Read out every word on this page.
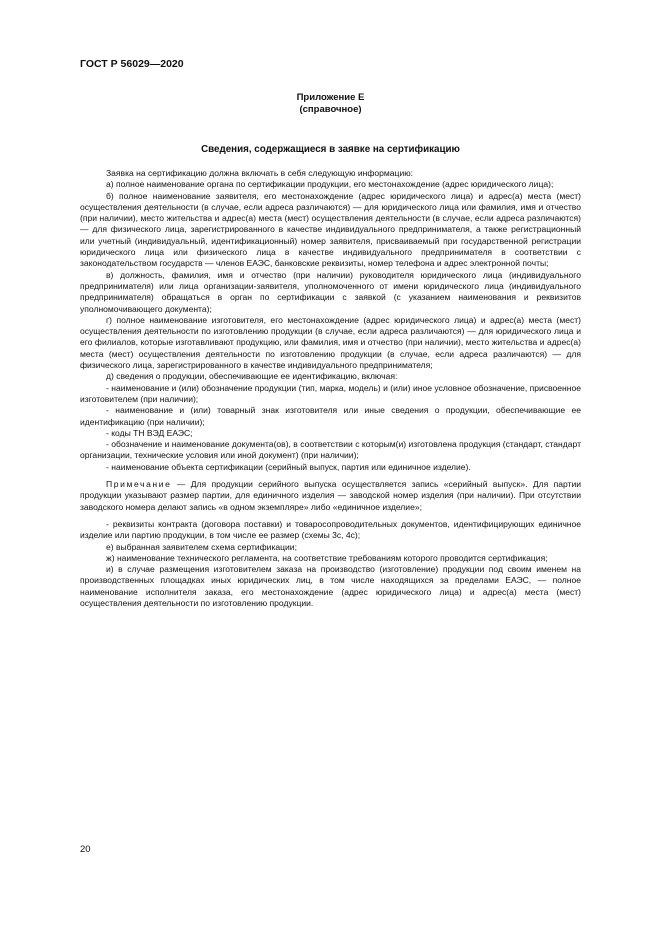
ГОСТ Р 56029—2020
Приложение Е
(справочное)
Сведения, содержащиеся в заявке на сертификацию

Заявка на сертификацию должна включать в себя следующую информацию:

а) полное наименование органа по сертификации продукции, его местонахождение (адрес юридического лица);

б) полное наименование заявителя, его местонахождение (адрес юридического лица) и адрес(а) места (мест) осуществления деятельности (в случае, если адреса различаются) — для юридического лица или фамилия, имя и отчество (при наличии), место жительства и адрес(а) места (мест) осуществления деятельности (в случае, если адреса различаются) — для физического лица, зарегистрированного в качестве индивидуального предпринимателя, а также регистрационный или учетный (индивидуальный, идентификационный) номер заявителя, присваиваемый при государственной регистрации юридического лица или физического лица в качестве индивидуального предпринимателя в соответствии с законодательством государств — членов ЕАЭС, банковские реквизиты, номер телефона и адрес электронной почты;

в) должность, фамилия, имя и отчество (при наличии) руководителя юридического лица (индивидуального предпринимателя) или лица организации-заявителя, уполномоченного от имени юридического лица (индивидуального предпринимателя) обращаться в орган по сертификации с заявкой (с указанием наименования и реквизитов уполномочивающего документа);

г) полное наименование изготовителя, его местонахождение (адрес юридического лица) и адрес(а) места (мест) осуществления деятельности по изготовлению продукции (в случае, если адреса различаются) — для юридического лица и его филиалов, которые изготавливают продукцию, или фамилия, имя и отчество (при наличии), место жительства и адрес(а) места (мест) осуществления деятельности по изготовлению продукции (в случае, если адреса различаются) — для физического лица, зарегистрированного в качестве индивидуального предпринимателя;

д) сведения о продукции, обеспечивающие ее идентификацию, включая:

- наименование и (или) обозначение продукции (тип, марка, модель) и (или) иное условное обозначение, присвоенное изготовителем (при наличии);

- наименование и (или) товарный знак изготовителя или иные сведения о продукции, обеспечивающие ее идентификацию (при наличии);

- коды ТН ВЭД ЕАЭС;

- обозначение и наименование документа(ов), в соответствии с которым(и) изготовлена продукция (стандарт, стандарт организации, технические условия или иной документ) (при наличии);

- наименование объекта сертификации (серийный выпуск, партия или единичное изделие).

Примечание — Для продукции серийного выпуска осуществляется запись «серийный выпуск». Для партии продукции указывают размер партии, для единичного изделия — заводской номер изделия (при наличии). При отсутствии заводского номера делают запись «в одном экземпляре» либо «единичное изделие»;

- реквизиты контракта (договора поставки) и товаросопроводительных документов, идентифицирующих единичное изделие или партию продукции, в том числе ее размер (схемы 3с, 4с);

е) выбранная заявителем схема сертификации;

ж) наименование технического регламента, на соответствие требованиям которого проводится сертификация;

и) в случае размещения изготовителем заказа на производство (изготовление) продукции под своим именем на производственных площадках иных юридических лиц, в том числе находящихся за пределами ЕАЭС, — полное наименование исполнителя заказа, его местонахождение (адрес юридического лица) и адрес(а) места (мест) осуществления деятельности по изготовлению продукции.

20
